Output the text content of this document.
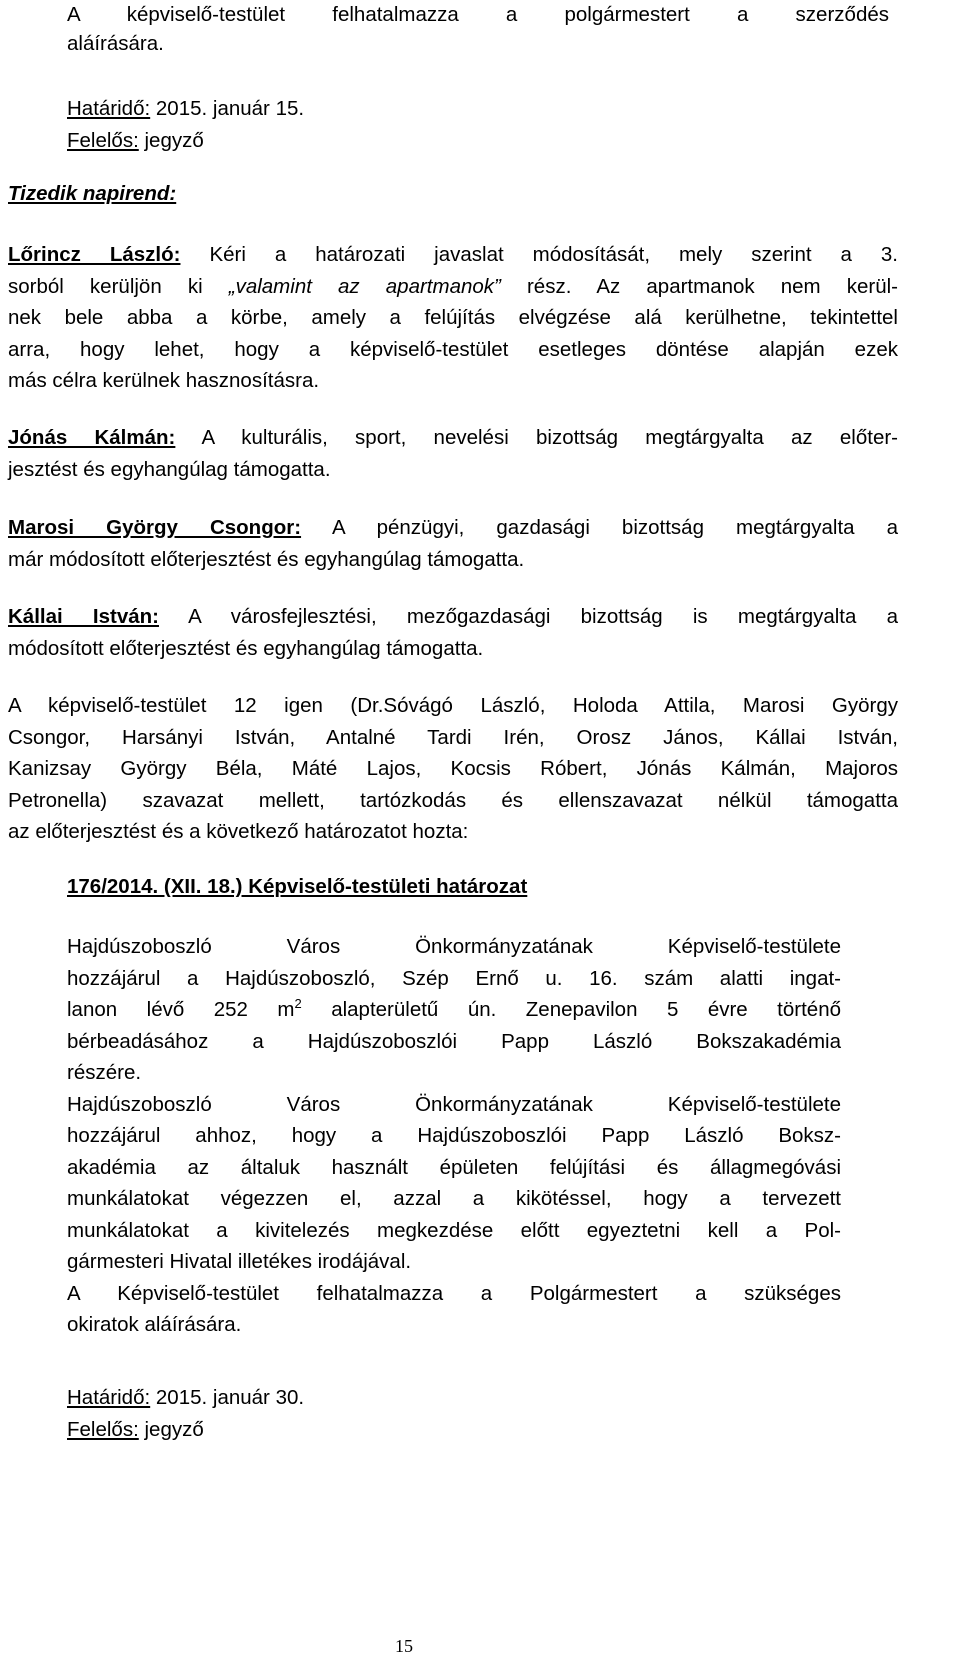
A képviselő-testület felhatalmazza a polgármestert a szerződés
aláírására.
Határidő: 2015. január 15.
Felelős: jegyző
Tizedik napirend:
Lőrincz László: Kéri a határozati javaslat módosítását, mely szerint a 3.
sorból kerüljön ki „valamint az apartmanok” rész. Az apartmanok nem kerül-
nek bele abba a körbe, amely a felújítás elvégzése alá kerülhetne, tekintettel
arra, hogy lehet, hogy a képviselő-testület esetleges döntése alapján ezek
más célra kerülnek hasznosításra.
Jónás Kálmán: A kulturális, sport, nevelési bizottság megtárgyalta az előter-
jesztést és egyhangúlag támogatta.
Marosi György Csongor: A pénzügyi, gazdasági bizottság megtárgyalta a
már módosított előterjesztést és egyhangúlag támogatta.
Kállai István: A városfejlesztési, mezőgazdasági bizottság is megtárgyalta a
módosított előterjesztést és egyhangúlag támogatta.
A képviselő-testület 12 igen (Dr.Sóvágó László, Holoda Attila, Marosi György
Csongor, Harsányi István, Antalné Tardi Irén, Orosz János, Kállai István,
Kanizsay György Béla, Máté Lajos, Kocsis Róbert, Jónás Kálmán, Majoros
Petronella) szavazat mellett, tartózkodás és ellenszavazat nélkül támogatta
az előterjesztést és a következő határozatot hozta:
176/2014. (XII. 18.) Képviselő-testületi határozat
Hajdúszoboszló Város Önkormányzatának Képviselő-testülete
hozzájárul a Hajdúszoboszló, Szép Ernő u. 16. szám alatti ingat-
lanon lévő 252 $m^2$ alapterületű ún. Zenepavilon 5 évre történő
bérbeadásához a Hajdúszoboszlói Papp László Bokszakadémia
részére.
Hajdúszoboszló Város Önkormányzatának Képviselő-testülete
hozzájárul ahhoz, hogy a Hajdúszoboszlói Papp László Boksz-
akadémia az általuk használt épületen felújítási és állagmegóvási
munkálatokat végezzen el, azzal a kikötéssel, hogy a tervezett
munkálatokat a kivitelezés megkezdése előtt egyeztetni kell a Pol-
gármesteri Hivatal illetékes irodájával.
A Képviselő-testület felhatalmazza a Polgármestert a szükséges
okiratok aláírására.
Határidő: 2015. január 30.
Felelős: jegyző
15
